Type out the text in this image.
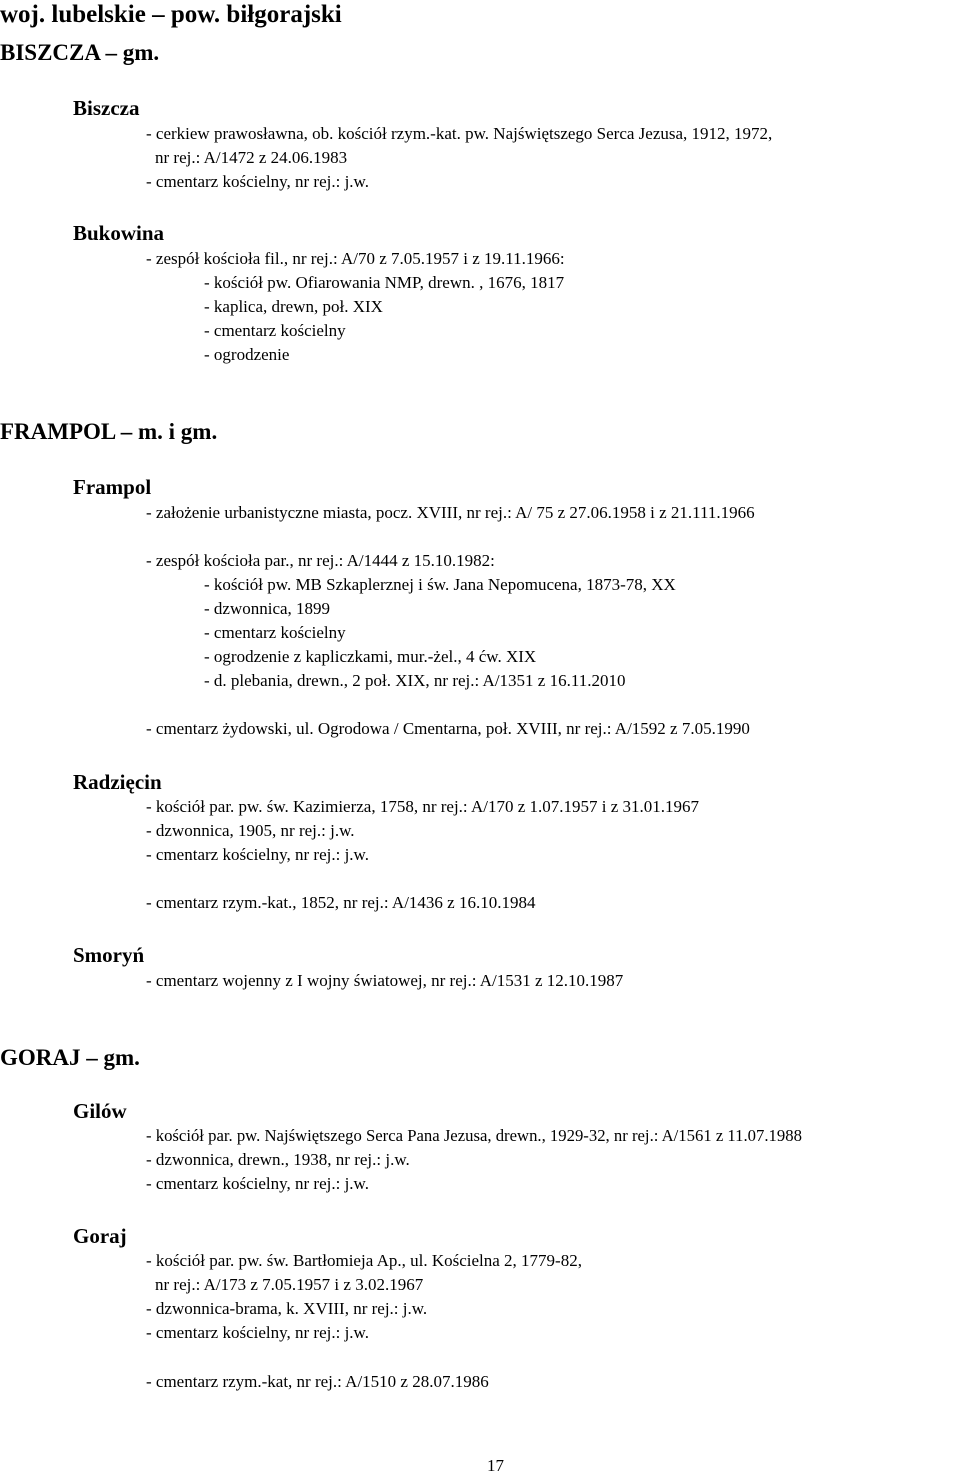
woj. lubelskie – pow. biłgorajski
BISZCZA – gm.
Biszcza
- cerkiew prawosławna, ob. kościół rzym.-kat. pw. Najświętszego Serca Jezusa, 1912, 1972,
nr rej.: A/1472 z 24.06.1983
- cmentarz kościelny, nr rej.: j.w.
Bukowina
- zespół kościoła fil., nr rej.: A/70 z 7.05.1957 i z 19.11.1966:
- kościół pw. Ofiarowania NMP, drewn. , 1676, 1817
- kaplica, drewn, poł. XIX
- cmentarz kościelny
- ogrodzenie
FRAMPOL – m. i gm.
Frampol
- założenie urbanistyczne miasta, pocz. XVIII, nr rej.: A/ 75 z 27.06.1958 i z 21.111.1966
- zespół kościoła par., nr rej.: A/1444 z 15.10.1982:
- kościół pw. MB Szkaplerznej i św. Jana Nepomucena, 1873-78, XX
- dzwonnica, 1899
- cmentarz kościelny
- ogrodzenie z kapliczkami, mur.-żel., 4 ćw. XIX
- d. plebania, drewn., 2 poł. XIX, nr rej.: A/1351 z 16.11.2010
- cmentarz żydowski, ul. Ogrodowa / Cmentarna, poł. XVIII, nr rej.: A/1592 z 7.05.1990
Radzięcin
- kościół par. pw. św. Kazimierza, 1758, nr rej.: A/170 z 1.07.1957 i z 31.01.1967
- dzwonnica, 1905, nr rej.: j.w.
- cmentarz kościelny, nr rej.: j.w.
- cmentarz rzym.-kat., 1852, nr rej.: A/1436 z 16.10.1984
Smoryń
- cmentarz wojenny z I wojny światowej, nr rej.: A/1531 z 12.10.1987
GORAJ – gm.
Gilów
- kościół par. pw. Najświętszego Serca Pana Jezusa, drewn., 1929-32, nr rej.: A/1561 z 11.07.1988
- dzwonnica, drewn., 1938, nr rej.: j.w.
- cmentarz kościelny, nr rej.: j.w.
Goraj
- kościół par. pw. św. Bartłomieja Ap., ul. Kościelna 2, 1779-82,
nr rej.: A/173 z 7.05.1957 i z 3.02.1967
- dzwonnica-brama, k. XVIII, nr rej.: j.w.
- cmentarz kościelny, nr rej.: j.w.
- cmentarz rzym.-kat, nr rej.: A/1510 z 28.07.1986
17
